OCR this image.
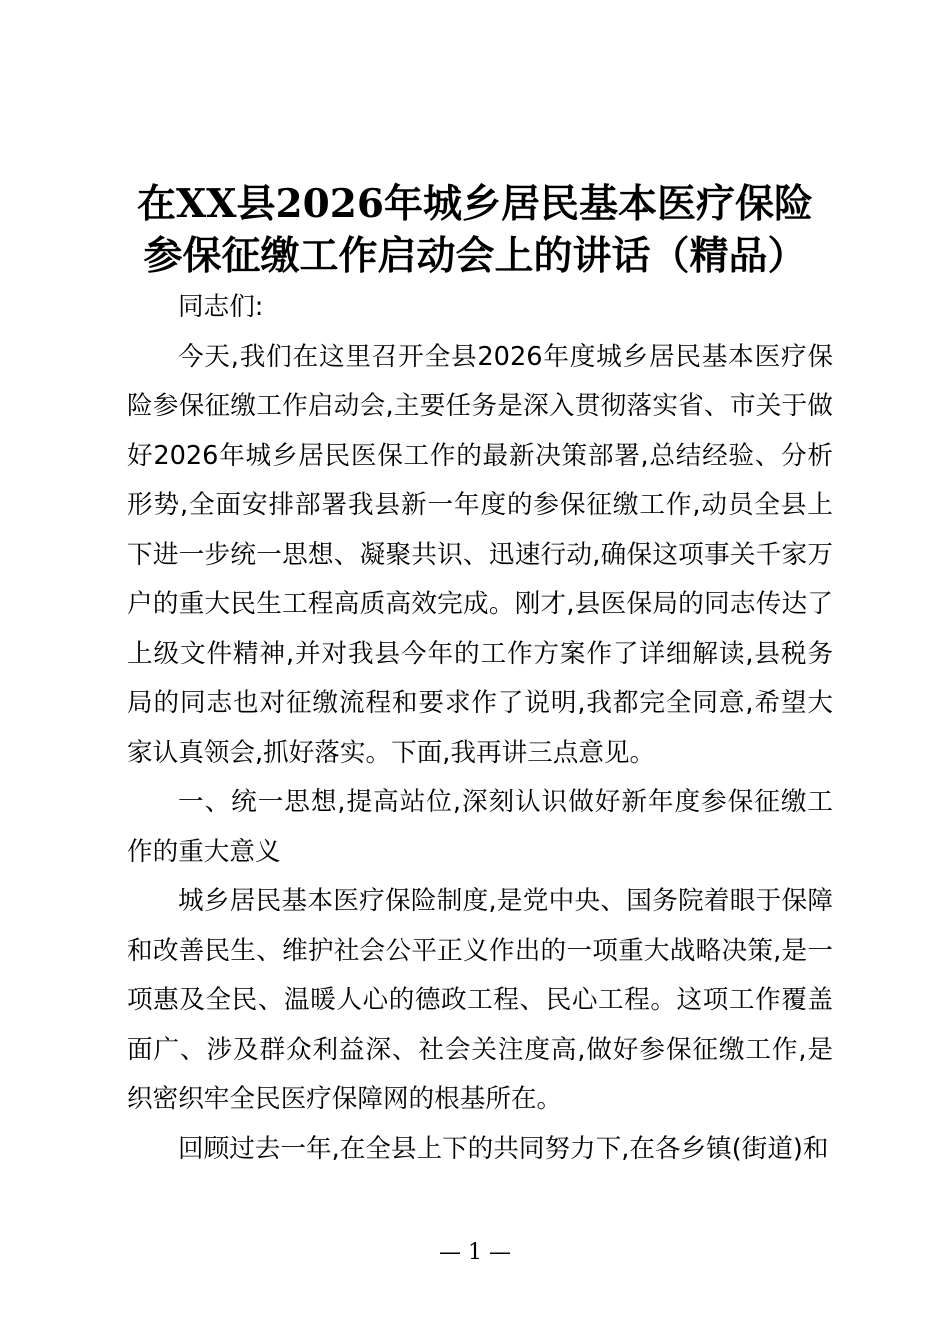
在XX县2026年城乡居民基本医疗保险
参保征缴工作启动会上的讲话（精品）

同志们:

今天,我们在这里召开全县2026年度城乡居民基本医疗保险参保征缴工作启动会,主要任务是深入贯彻落实省、市关于做好2026年城乡居民医保工作的最新决策部署,总结经验、分析形势,全面安排部署我县新一年度的参保征缴工作,动员全县上下进一步统一思想、凝聚共识、迅速行动,确保这项事关千家万户的重大民生工程高质高效完成。刚才,县医保局的同志传达了上级文件精神,并对我县今年的工作方案作了详细解读,县税务局的同志也对征缴流程和要求作了说明,我都完全同意,希望大家认真领会,抓好落实。下面,我再讲三点意见。

一、统一思想,提高站位,深刻认识做好新年度参保征缴工作的重大意义

城乡居民基本医疗保险制度,是党中央、国务院着眼于保障和改善民生、维护社会公平正义作出的一项重大战略决策,是一项惠及全民、温暖人心的德政工程、民心工程。这项工作覆盖面广、涉及群众利益深、社会关注度高,做好参保征缴工作,是织密织牢全民医疗保障网的根基所在。

回顾过去一年,在全县上下的共同努力下,在各乡镇(街道)和

— 1 —
